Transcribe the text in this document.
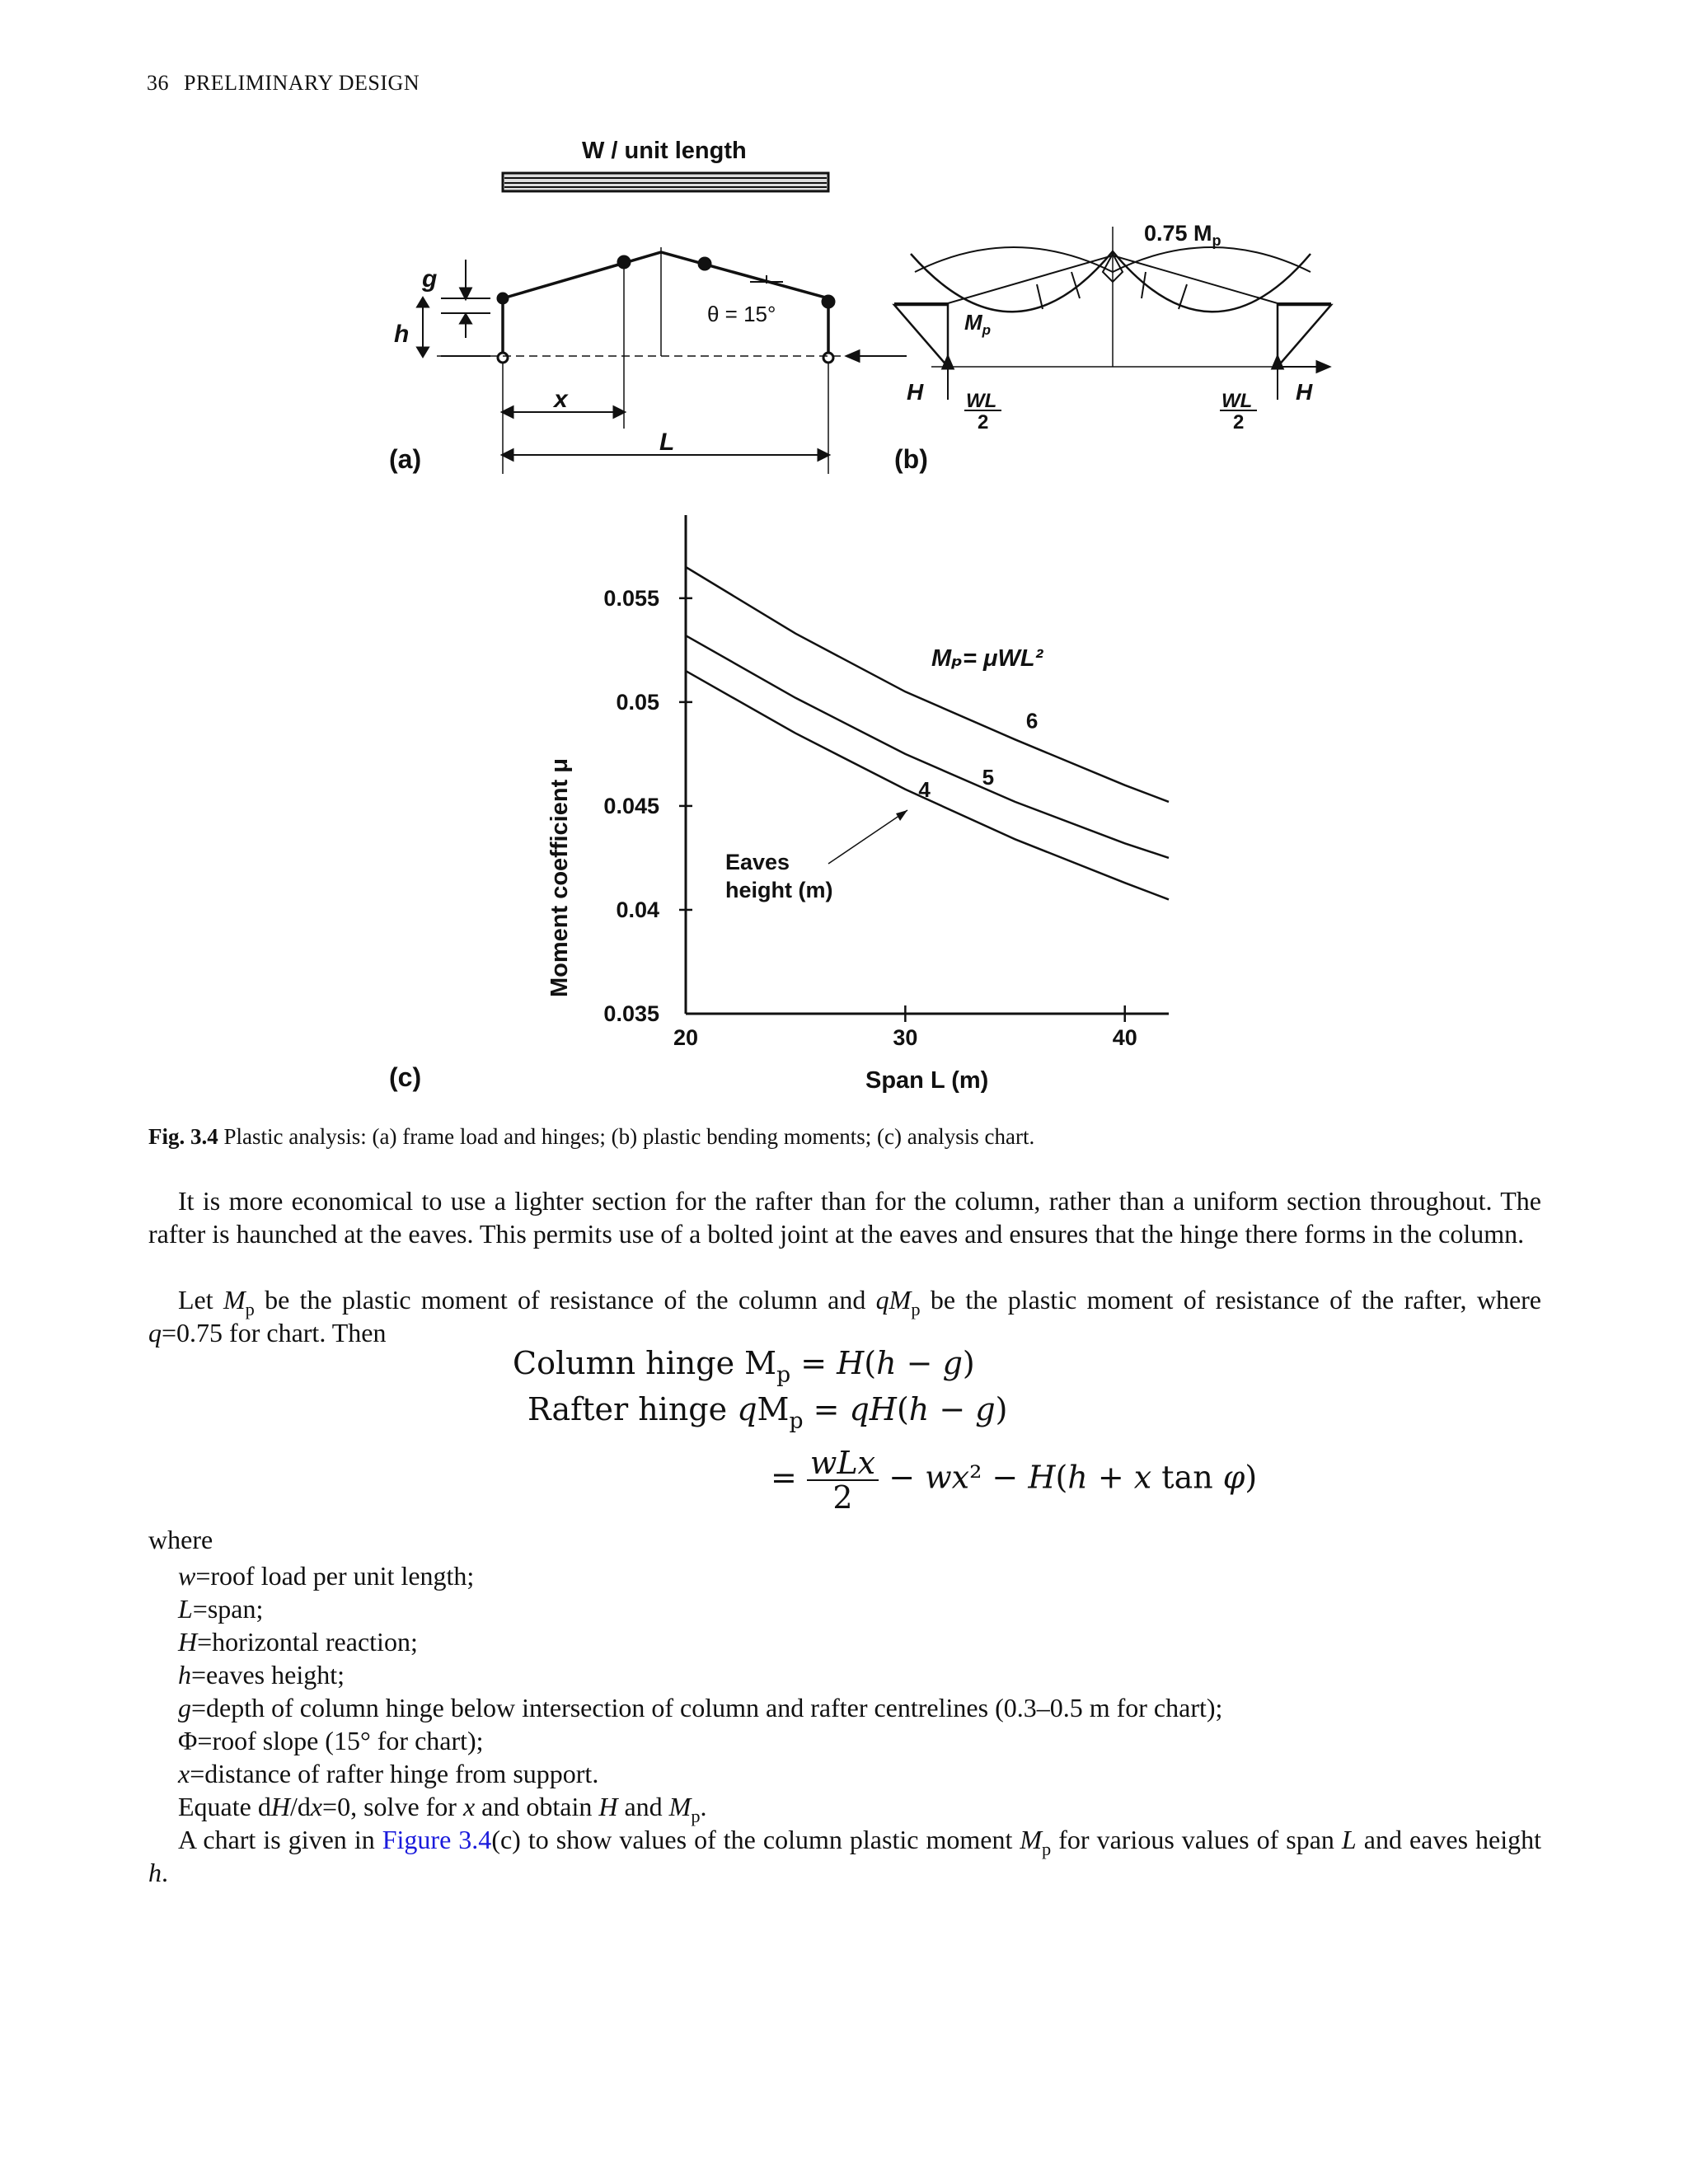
36 PRELIMINARY DESIGN
W / unit length
g
h
x
L
θ = 15°
(a)	(b)
0.75 $M_p$
$M_p$
H	H
WL
2
WL
2
0.035
0.04
0.045
0.05
0.055
20	30	40
4
5
6
Mₚ= μWL²
Span L (m)
Moment coefficient μ	Eaves height (m)
(c)
Fig. 3.4 Plastic analysis: (a) frame load and hinges; (b) plastic bending moments; (c) analysis chart.
It is more economical to use a lighter section for the rafter than for the column, rather than a uniform section throughout. The rafter is haunched at the eaves. This permits use of a bolted joint at the eaves and ensures that the hinge there forms in the column.
Let $M_p$ be the plastic moment of resistance of the column and $qM_p$ be the plastic moment of resistance of the rafter, where q=0.75 for chart. Then
Column hinge $M_p = H(h - g)$
Rafter hinge $qM_p = qH(h - g)$
= $\frac{\text{wLx}}{2} - wx^2 - H(h + x$ tan φ)
where
w=roof load per unit length;
L=span;
H=horizontal reaction;
h=eaves height;
g=depth of column hinge below intersection of column and rafter centrelines (0.3–0.5 m for chart);
Φ=roof slope (15° for chart);
x=distance of rafter hinge from support.
Equate dH/dx=0, solve for x and obtain H and $M_p$.
A chart is given in Figure 3.4(c) to show values of the column plastic moment $M_p$ for various values of span L and eaves height h.
